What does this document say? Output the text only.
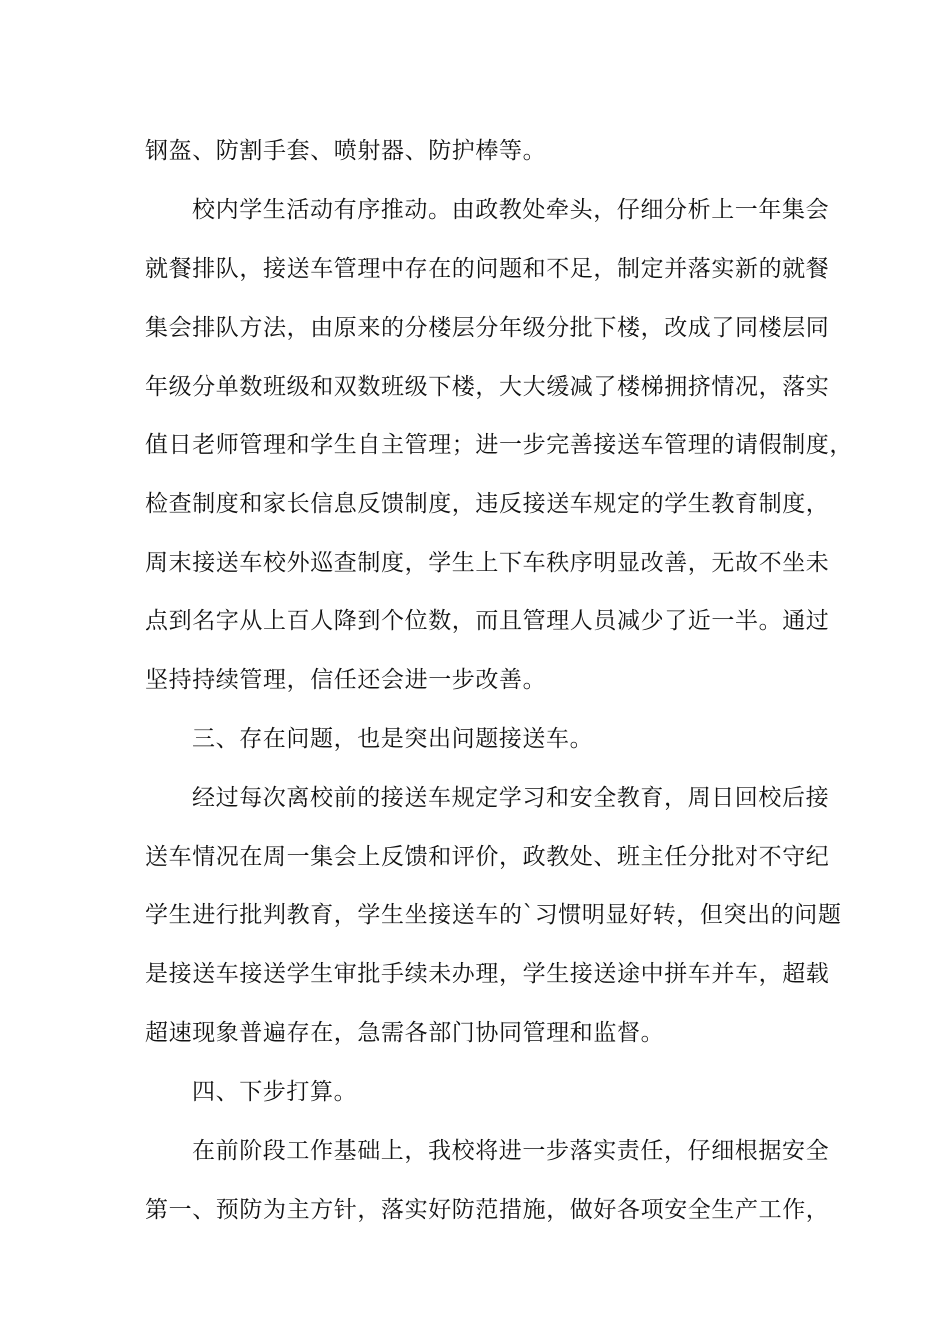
钢盔、防割手套、喷射器、防护棒等。
校内学生活动有序推动。由政教处牵头，仔细分析上一年集会
就餐排队，接送车管理中存在的问题和不足，制定并落实新的就餐
集会排队方法，由原来的分楼层分年级分批下楼，改成了同楼层同
年级分单数班级和双数班级下楼，大大缓减了楼梯拥挤情况，落实
值日老师管理和学生自主管理；进一步完善接送车管理的请假制度，
检查制度和家长信息反馈制度，违反接送车规定的学生教育制度，
周末接送车校外巡查制度，学生上下车秩序明显改善，无故不坐未
点到名字从上百人降到个位数，而且管理人员减少了近一半。通过
坚持持续管理，信任还会进一步改善。
三、存在问题，也是突出问题接送车。
经过每次离校前的接送车规定学习和安全教育，周日回校后接
送车情况在周一集会上反馈和评价，政教处、班主任分批对不守纪
学生进行批判教育，学生坐接送车的`习惯明显好转，但突出的问题
是接送车接送学生审批手续未办理，学生接送途中拼车并车，超载
超速现象普遍存在，急需各部门协同管理和监督。
四、下步打算。
在前阶段工作基础上，我校将进一步落实责任，仔细根据安全
第一、预防为主方针，落实好防范措施，做好各项安全生产工作，
